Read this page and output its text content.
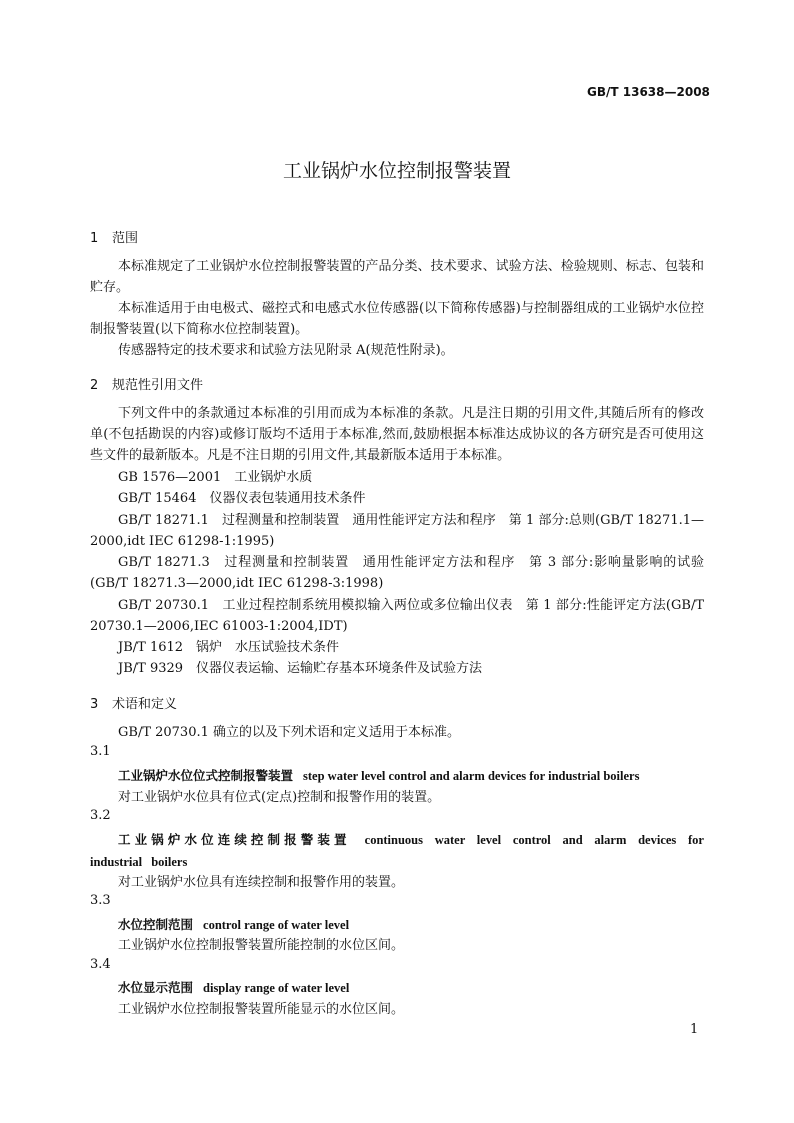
GB/T 13638—2008
工业锅炉水位控制报警装置
1 范围
本标准规定了工业锅炉水位控制报警装置的产品分类、技术要求、试验方法、检验规则、标志、包装和贮存。
本标准适用于由电极式、磁控式和电感式水位传感器(以下简称传感器)与控制器组成的工业锅炉水位控制报警装置(以下简称水位控制装置)。
传感器特定的技术要求和试验方法见附录 A(规范性附录)。
2 规范性引用文件
下列文件中的条款通过本标准的引用而成为本标准的条款。凡是注日期的引用文件,其随后所有的修改单(不包括勘误的内容)或修订版均不适用于本标准,然而,鼓励根据本标准达成协议的各方研究是否可使用这些文件的最新版本。凡是不注日期的引用文件,其最新版本适用于本标准。
GB 1576—2001　工业锅炉水质
GB/T 15464　仪器仪表包装通用技术条件
GB/T 18271.1　过程测量和控制装置　通用性能评定方法和程序　第 1 部分:总则(GB/T 18271.1—2000,idt IEC 61298-1:1995)
GB/T 18271.3　过程测量和控制装置　通用性能评定方法和程序　第 3 部分:影响量影响的试验(GB/T 18271.3—2000,idt IEC 61298-3:1998)
GB/T 20730.1　工业过程控制系统用模拟输入两位或多位输出仪表　第 1 部分:性能评定方法(GB/T 20730.1—2006,IEC 61003-1:2004,IDT)
JB/T 1612　锅炉　水压试验技术条件
JB/T 9329　仪器仪表运输、运输贮存基本环境条件及试验方法
3 术语和定义
GB/T 20730.1 确立的以及下列术语和定义适用于本标准。
3.1
工业锅炉水位位式控制报警装置 step water level control and alarm devices for industrial boilers
对工业锅炉水位具有位式(定点)控制和报警作用的装置。
3.2
工业锅炉水位连续控制报警装置 continuous water level control and alarm devices for industrial boilers
对工业锅炉水位具有连续控制和报警作用的装置。
3.3
水位控制范围 control range of water level
工业锅炉水位控制报警装置所能控制的水位区间。
3.4
水位显示范围 display range of water level
工业锅炉水位控制报警装置所能显示的水位区间。
1
